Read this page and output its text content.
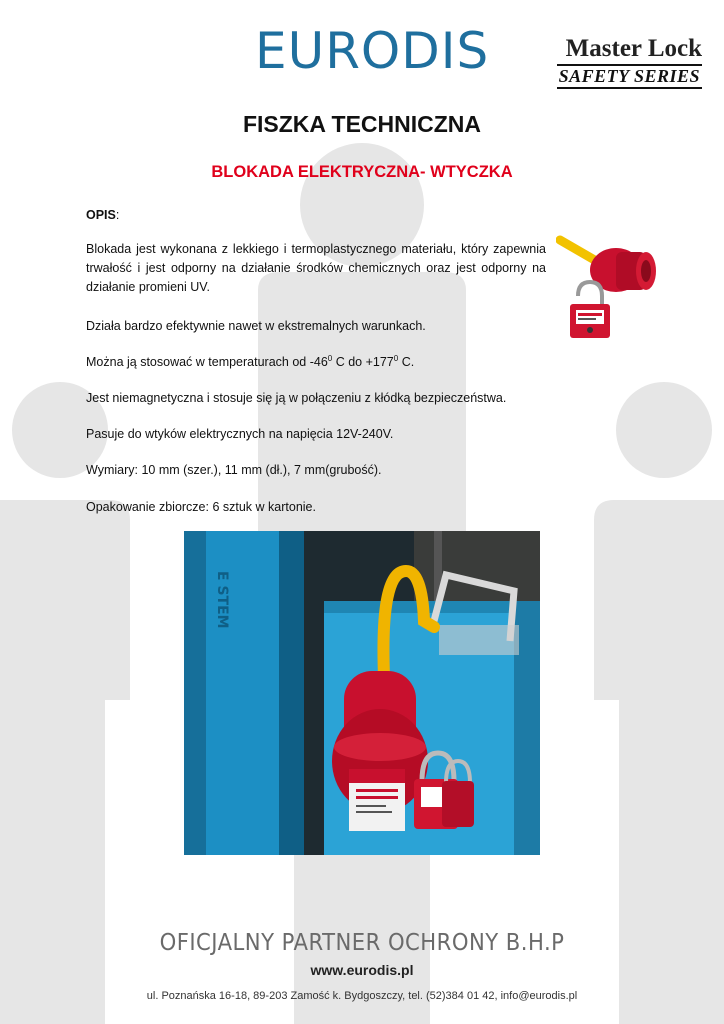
EURODIS	Master Lock
SAFETY SERIES
FISZKA TECHNICZNA
BLOKADA ELEKTRYCZNA- WTYCZKA
OPIS:
Blokada jest wykonana z lekkiego i termoplastycznego materiału, który zapewnia trwałość i jest odporny na działanie środków chemicznych oraz jest odporny na działanie promieni UV.
Działa bardzo efektywnie nawet w ekstremalnych warunkach.
Można ją stosować w temperaturach od $-46^0$ C do $+177^0$ C.
Jest niemagnetyczna i stosuje się ją w połączeniu z kłódką bezpieczeństwa.
Pasuje do wtyków elektrycznych na napięcia 12V-240V.
Wymiary: 10 mm (szer.), 11 mm (dł.), 7 mm(grubość).
Opakowanie zbiorcze: 6 sztuk w kartonie.
E STEM
OFICJALNY PARTNER OCHRONY B.H.P
www.eurodis.pl
ul. Poznańska 16-18, 89-203 Zamość k. Bydgoszczy, tel. (52)384 01 42, info@eurodis.pl
